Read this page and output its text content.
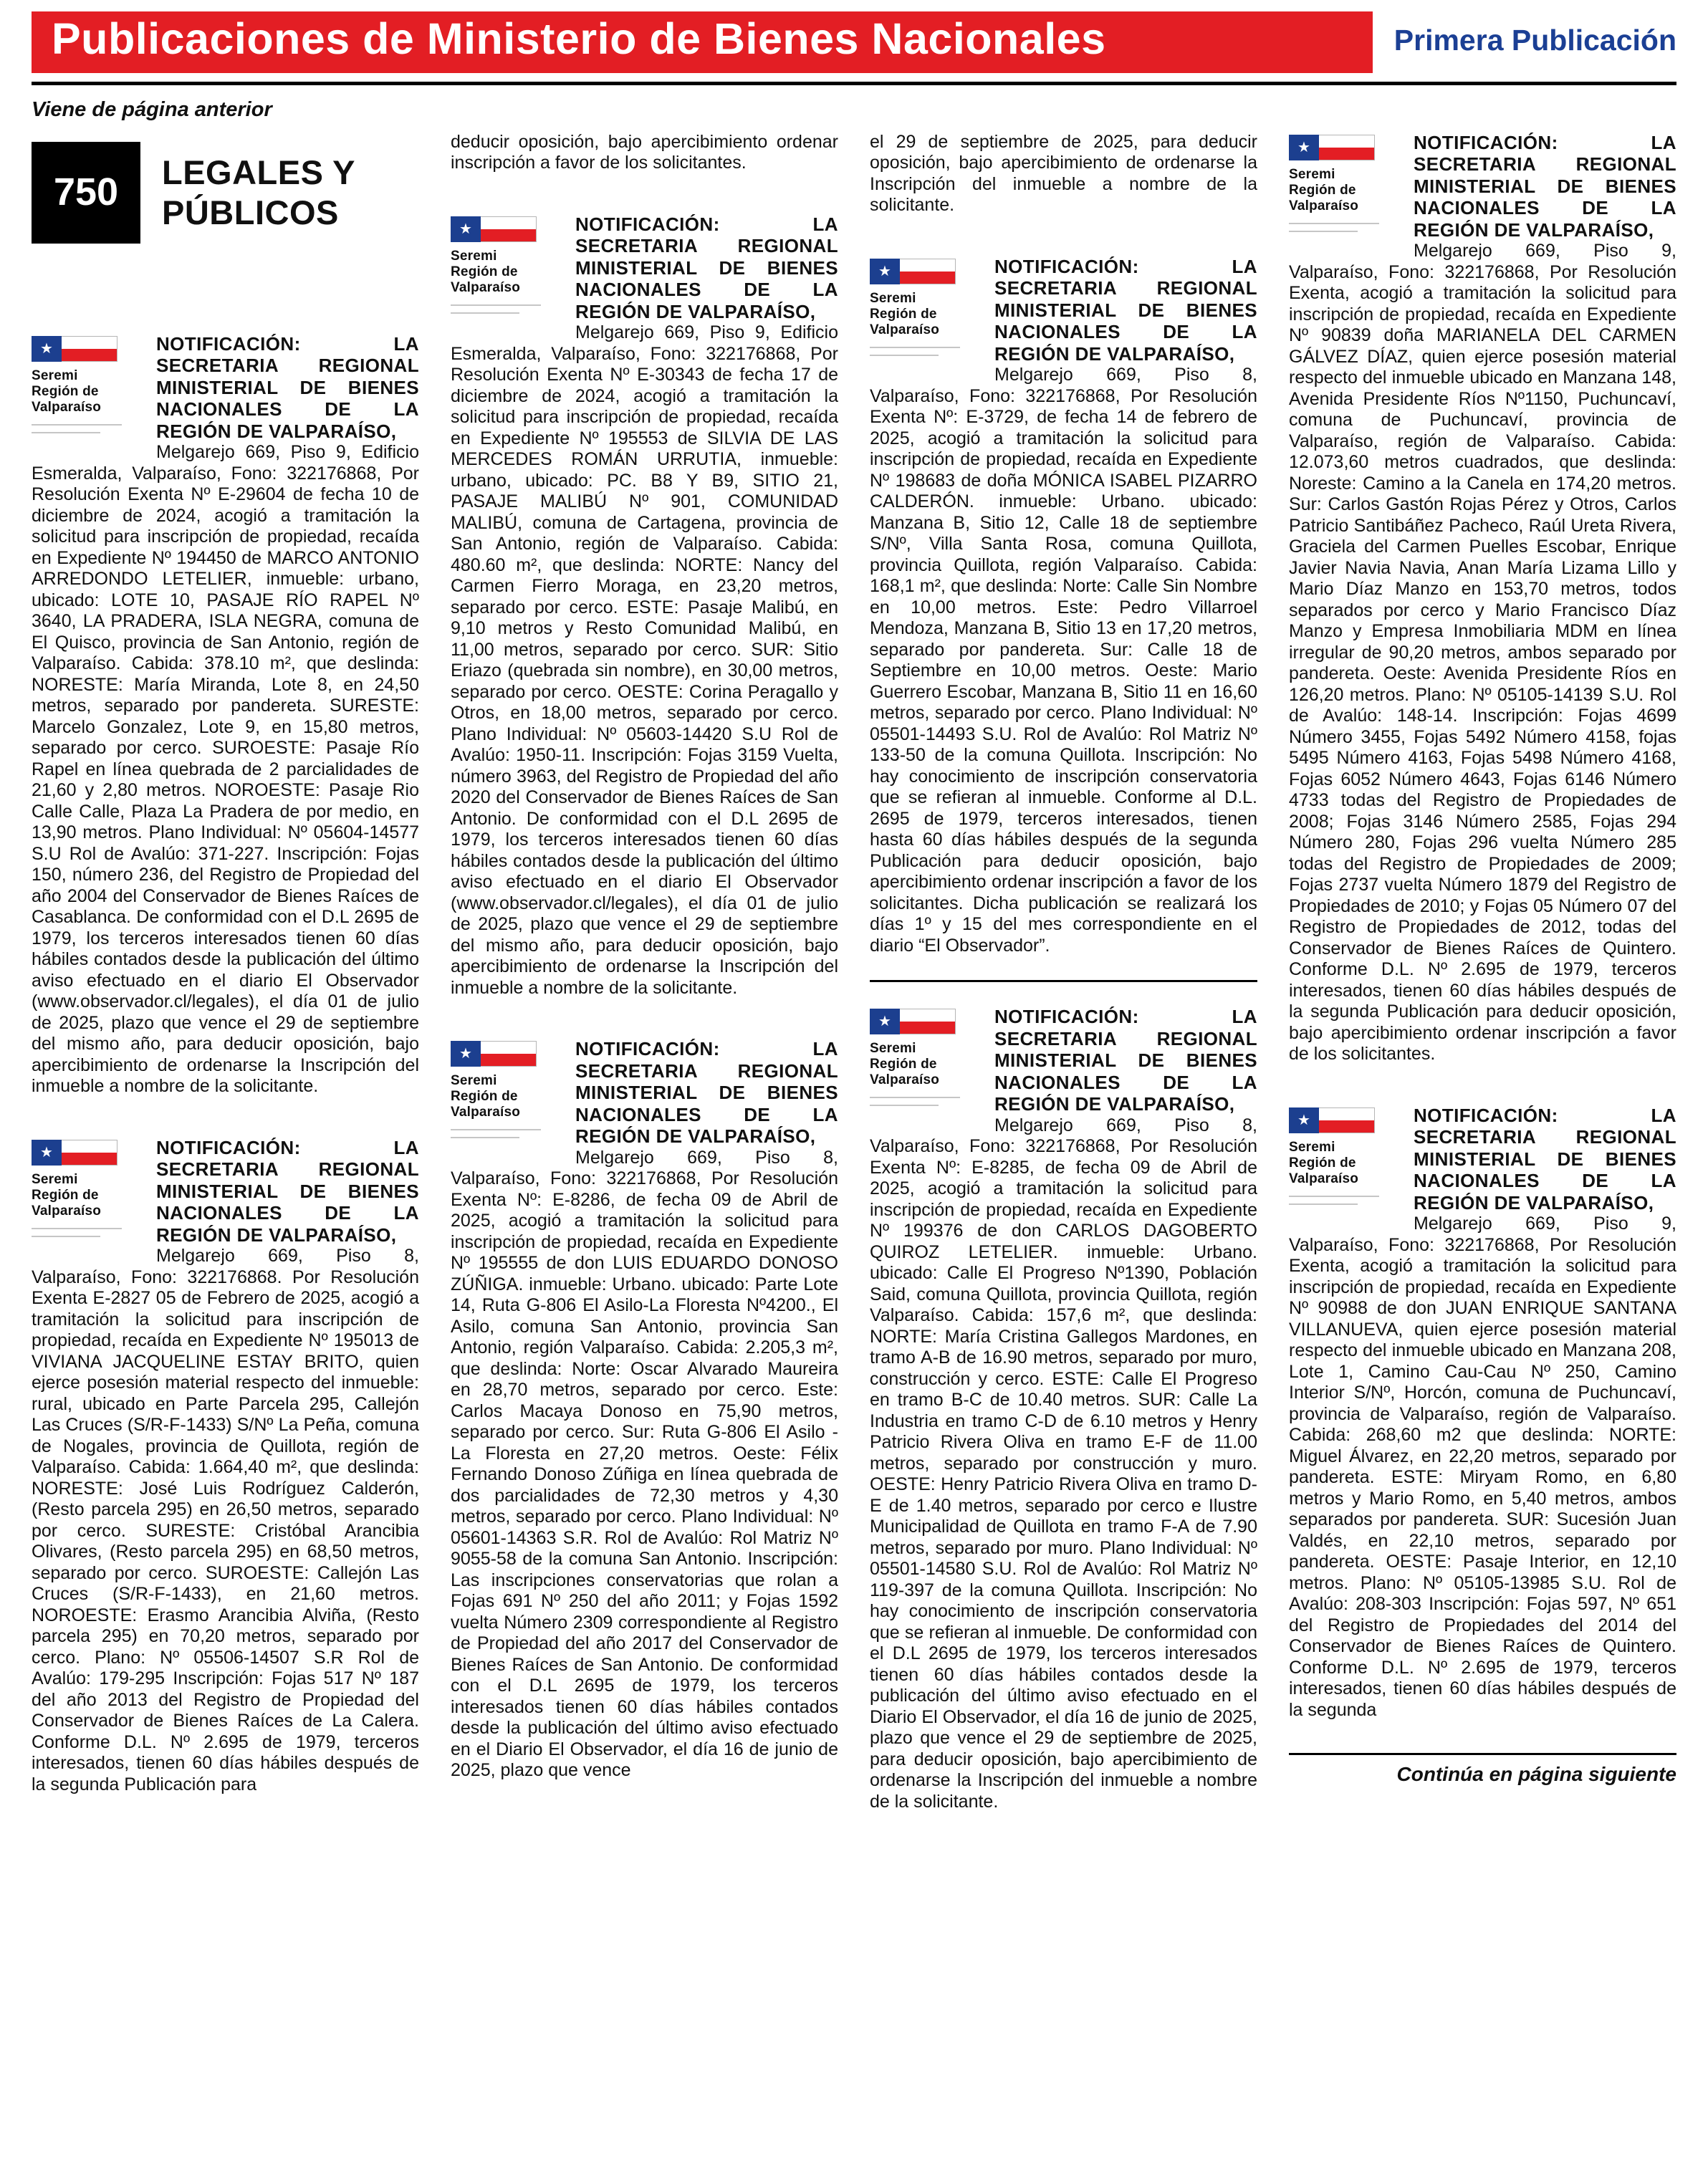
Publicaciones de Ministerio de Bienes Nacionales	Primera Publicación
Viene de página anterior
750 LEGALES Y
PÚBLICOS
★
Seremi
Región de
Valparaíso
NOTIFICACIÓN: LA SECRETARIA REGIONAL MINISTERIAL DE BIENES NACIONALES DE LA REGIÓN DE VALPARAÍSO,
Melgarejo 669, Piso 9, Edificio Esmeralda, Valparaíso, Fono: 322176868, Por Resolución Exenta Nº E-29604 de fecha 10 de diciembre de 2024, acogió a tramitación la solicitud para inscripción de propiedad, recaída en Expediente Nº 194450 de MARCO ANTONIO ARREDONDO LETELIER, inmueble: urbano, ubicado: LOTE 10, PASAJE RÍO RAPEL Nº 3640, LA PRADERA, ISLA NEGRA, comuna de El Quisco, provincia de San Antonio, región de Valparaíso. Cabida: 378.10 m², que deslinda: NORESTE: María Miranda, Lote 8, en 24,50 metros, separado por pandereta. SURESTE: Marcelo Gonzalez, Lote 9, en 15,80 metros, separado por cerco. SUROESTE: Pasaje Río Rapel en línea quebrada de 2 parcialidades de 21,60 y 2,80 metros. NOROESTE: Pasaje Rio Calle Calle, Plaza La Pradera de por medio, en 13,90 metros. Plano Individual: Nº 05604-14577 S.U Rol de Avalúo: 371-227. Inscripción: Fojas 150, número 236, del Registro de Propiedad del año 2004 del Conservador de Bienes Raíces de Casablanca. De conformidad con el D.L 2695 de 1979, los terceros interesados tienen 60 días hábiles contados desde la publicación del último aviso efectuado en el diario El Observador (www.observador.cl/legales), el día 01 de julio de 2025, plazo que vence el 29 de septiembre del mismo año, para deducir oposición, bajo apercibimiento de ordenarse la Inscripción del inmueble a nombre de la solicitante.
★
Seremi
Región de
Valparaíso
NOTIFICACIÓN: LA SECRETARIA REGIONAL MINISTERIAL DE BIENES NACIONALES DE LA REGIÓN DE VALPARAÍSO,
Melgarejo 669, Piso 8, Valparaíso, Fono: 322176868. Por Resolución Exenta E-2827 05 de Febrero de 2025, acogió a tramitación la solicitud para inscripción de propiedad, recaída en Expediente Nº 195013 de VIVIANA JACQUELINE ESTAY BRITO, quien ejerce posesión material respecto del inmueble: rural, ubicado en Parte Parcela 295, Callejón Las Cruces (S/R-F-1433) S/Nº La Peña, comuna de Nogales, provincia de Quillota, región de Valparaíso. Cabida: 1.664,40 m², que deslinda: NORESTE: José Luis Rodríguez Calderón, (Resto parcela 295) en 26,50 metros, separado por cerco. SURESTE: Cristóbal Arancibia Olivares, (Resto parcela 295) en 68,50 metros, separado por cerco. SUROESTE: Callejón Las Cruces (S/R-F-1433), en 21,60 metros. NOROESTE: Erasmo Arancibia Alviña, (Resto parcela 295) en 70,20 metros, separado por cerco. Plano: Nº 05506-14507 S.R Rol de Avalúo: 179-295 Inscripción: Fojas 517 Nº 187 del año 2013 del Registro de Propiedad del Conservador de Bienes Raíces de La Calera. Conforme D.L. Nº 2.695 de 1979, terceros interesados, tienen 60 días hábiles después de la segunda Publicación para
deducir oposición, bajo apercibimiento ordenar inscripción a favor de los solicitantes.
★
Seremi
Región de
Valparaíso
NOTIFICACIÓN: LA SECRETARIA REGIONAL MINISTERIAL DE BIENES NACIONALES DE LA REGIÓN DE VALPARAÍSO,
Melgarejo 669, Piso 9, Edificio Esmeralda, Valparaíso, Fono: 322176868, Por Resolución Exenta Nº E-30343 de fecha 17 de diciembre de 2024, acogió a tramitación la solicitud para inscripción de propiedad, recaída en Expediente Nº 195553 de SILVIA DE LAS MERCEDES ROMÁN URRUTIA, inmueble: urbano, ubicado: PC. B8 Y B9, SITIO 21, PASAJE MALIBÚ Nº 901, COMUNIDAD MALIBÚ, comuna de Cartagena, provincia de San Antonio, región de Valparaíso. Cabida: 480.60 m², que deslinda: NORTE: Nancy del Carmen Fierro Moraga, en 23,20 metros, separado por cerco. ESTE: Pasaje Malibú, en 9,10 metros y Resto Comunidad Malibú, en 11,00 metros, separado por cerco. SUR: Sitio Eriazo (quebrada sin nombre), en 30,00 metros, separado por cerco. OESTE: Corina Peragallo y Otros, en 18,00 metros, separado por cerco. Plano Individual: Nº 05603-14420 S.U Rol de Avalúo: 1950-11. Inscripción: Fojas 3159 Vuelta, número 3963, del Registro de Propiedad del año 2020 del Conservador de Bienes Raíces de San Antonio. De conformidad con el D.L 2695 de 1979, los terceros interesados tienen 60 días hábiles contados desde la publicación del último aviso efectuado en el diario El Observador (www.observador.cl/legales), el día 01 de julio de 2025, plazo que vence el 29 de septiembre del mismo año, para deducir oposición, bajo apercibimiento de ordenarse la Inscripción del inmueble a nombre de la solicitante.
★
Seremi
Región de
Valparaíso
NOTIFICACIÓN: LA SECRETARIA REGIONAL MINISTERIAL DE BIENES NACIONALES DE LA REGIÓN DE VALPARAÍSO,
Melgarejo 669, Piso 8, Valparaíso, Fono: 322176868, Por Resolución Exenta Nº: E-8286, de fecha 09 de Abril de 2025, acogió a tramitación la solicitud para inscripción de propiedad, recaída en Expediente Nº 195555 de don LUIS EDUARDO DONOSO ZÚÑIGA. inmueble: Urbano. ubicado: Parte Lote 14, Ruta G-806 El Asilo-La Floresta Nº4200., El Asilo, comuna San Antonio, provincia San Antonio, región Valparaíso. Cabida: 2.205,3 m², que deslinda: Norte: Oscar Alvarado Maureira en 28,70 metros, separado por cerco. Este: Carlos Macaya Donoso en 75,90 metros, separado por cerco. Sur: Ruta G-806 El Asilo - La Floresta en 27,20 metros. Oeste: Félix Fernando Donoso Zúñiga en línea quebrada de dos parcialidades de 72,30 metros y 4,30 metros, separado por cerco. Plano Individual: Nº 05601-14363 S.R. Rol de Avalúo: Rol Matriz Nº 9055-58 de la comuna San Antonio. Inscripción: Las inscripciones conservatorias que rolan a Fojas 691 Nº 250 del año 2011; y Fojas 1592 vuelta Número 2309 correspondiente al Registro de Propiedad del año 2017 del Conservador de Bienes Raíces de San Antonio. De conformidad con el D.L 2695 de 1979, los terceros interesados tienen 60 días hábiles contados desde la publicación del último aviso efectuado en el Diario El Observador, el día 16 de junio de 2025, plazo que vence
el 29 de septiembre de 2025, para deducir oposición, bajo apercibimiento de ordenarse la Inscripción del inmueble a nombre de la solicitante.
★
Seremi
Región de
Valparaíso
NOTIFICACIÓN: LA SECRETARIA REGIONAL MINISTERIAL DE BIENES NACIONALES DE LA REGIÓN DE VALPARAÍSO,
Melgarejo 669, Piso 8, Valparaíso, Fono: 322176868, Por Resolución Exenta Nº: E-3729, de fecha 14 de febrero de 2025, acogió a tramitación la solicitud para inscripción de propiedad, recaída en Expediente Nº 198683 de doña MÓNICA ISABEL PIZARRO CALDERÓN. inmueble: Urbano. ubicado: Manzana B, Sitio 12, Calle 18 de septiembre S/Nº, Villa Santa Rosa, comuna Quillota, provincia Quillota, región Valparaíso. Cabida: 168,1 m², que deslinda: Norte: Calle Sin Nombre en 10,00 metros. Este: Pedro Villarroel Mendoza, Manzana B, Sitio 13 en 17,20 metros, separado por pandereta. Sur: Calle 18 de Septiembre en 10,00 metros. Oeste: Mario Guerrero Escobar, Manzana B, Sitio 11 en 16,60 metros, separado por cerco. Plano Individual: Nº 05501-14493 S.U. Rol de Avalúo: Rol Matriz Nº 133-50 de la comuna Quillota. Inscripción: No hay conocimiento de inscripción conservatoria que se refieran al inmueble. Conforme al D.L. 2695 de 1979, terceros interesados, tienen hasta 60 días hábiles después de la segunda Publicación para deducir oposición, bajo apercibimiento ordenar inscripción a favor de los solicitantes. Dicha publicación se realizará los días 1º y 15 del mes correspondiente en el diario “El Observador”.
★
Seremi
Región de
Valparaíso
NOTIFICACIÓN: LA SECRETARIA REGIONAL MINISTERIAL DE BIENES NACIONALES DE LA REGIÓN DE VALPARAÍSO,
Melgarejo 669, Piso 8, Valparaíso, Fono: 322176868, Por Resolución Exenta Nº: E-8285, de fecha 09 de Abril de 2025, acogió a tramitación la solicitud para inscripción de propiedad, recaída en Expediente Nº 199376 de don CARLOS DAGOBERTO QUIROZ LETELIER. inmueble: Urbano. ubicado: Calle El Progreso Nº1390, Población Said, comuna Quillota, provincia Quillota, región Valparaíso. Cabida: 157,6 m², que deslinda: NORTE: María Cristina Gallegos Mardones, en tramo A-B de 16.90 metros, separado por muro, construcción y cerco. ESTE: Calle El Progreso en tramo B-C de 10.40 metros. SUR: Calle La Industria en tramo C-D de 6.10 metros y Henry Patricio Rivera Oliva en tramo E-F de 11.00 metros, separado por construcción y muro. OESTE: Henry Patricio Rivera Oliva en tramo D-E de 1.40 metros, separado por cerco e Ilustre Municipalidad de Quillota en tramo F-A de 7.90 metros, separado por muro. Plano Individual: Nº 05501-14580 S.U. Rol de Avalúo: Rol Matriz Nº 119-397 de la comuna Quillota. Inscripción: No hay conocimiento de inscripción conservatoria que se refieran al inmueble. De conformidad con el D.L 2695 de 1979, los terceros interesados tienen 60 días hábiles contados desde la publicación del último aviso efectuado en el Diario El Observador, el día 16 de junio de 2025, plazo que vence el 29 de septiembre de 2025, para deducir oposición, bajo apercibimiento de ordenarse la Inscripción del inmueble a nombre de la solicitante.
★
Seremi
Región de
Valparaíso
NOTIFICACIÓN: LA SECRETARIA REGIONAL MINISTERIAL DE BIENES NACIONALES DE LA REGIÓN DE VALPARAÍSO,
Melgarejo 669, Piso 9, Valparaíso, Fono: 322176868, Por Resolución Exenta, acogió a tramitación la solicitud para inscripción de propiedad, recaída en Expediente Nº 90839 doña MARIANELA DEL CARMEN GÁLVEZ DÍAZ, quien ejerce posesión material respecto del inmueble ubicado en Manzana 148, Avenida Presidente Ríos Nº1150, Puchuncaví, comuna de Puchuncaví, provincia de Valparaíso, región de Valparaíso. Cabida: 12.073,60 metros cuadrados, que deslinda: Noreste: Camino a la Canela en 174,20 metros. Sur: Carlos Gastón Rojas Pérez y Otros, Carlos Patricio Santibáñez Pacheco, Raúl Ureta Rivera, Graciela del Carmen Puelles Escobar, Enrique Javier Navia Navia, Anan María Lizama Lillo y Mario Díaz Manzo en 153,70 metros, todos separados por cerco y Mario Francisco Díaz Manzo y Empresa Inmobiliaria MDM en línea irregular de 90,20 metros, ambos separado por pandereta. Oeste: Avenida Presidente Ríos en 126,20 metros. Plano: Nº 05105-14139 S.U. Rol de Avalúo: 148-14. Inscripción: Fojas 4699 Número 3455, Fojas 5492 Número 4158, fojas 5495 Número 4163, Fojas 5498 Número 4168, Fojas 6052 Número 4643, Fojas 6146 Número 4733 todas del Registro de Propiedades de 2008; Fojas 3146 Número 2585, Fojas 294 Número 280, Fojas 296 vuelta Número 285 todas del Registro de Propiedades de 2009; Fojas 2737 vuelta Número 1879 del Registro de Propiedades de 2010; y Fojas 05 Número 07 del Registro de Propiedades de 2012, todas del Conservador de Bienes Raíces de Quintero. Conforme D.L. Nº 2.695 de 1979, terceros interesados, tienen 60 días hábiles después de la segunda Publicación para deducir oposición, bajo apercibimiento ordenar inscripción a favor de los solicitantes.
★
Seremi
Región de
Valparaíso
NOTIFICACIÓN: LA SECRETARIA REGIONAL MINISTERIAL DE BIENES NACIONALES DE LA REGIÓN DE VALPARAÍSO,
Melgarejo 669, Piso 9, Valparaíso, Fono: 322176868, Por Resolución Exenta, acogió a tramitación la solicitud para inscripción de propiedad, recaída en Expediente Nº 90988 de don JUAN ENRIQUE SANTANA VILLANUEVA, quien ejerce posesión material respecto del inmueble ubicado en Manzana 208, Lote 1, Camino Cau-Cau Nº 250, Camino Interior S/Nº, Horcón, comuna de Puchuncaví, provincia de Valparaíso, región de Valparaíso. Cabida: 268,60 m2 que deslinda: NORTE: Miguel Álvarez, en 22,20 metros, separado por pandereta. ESTE: Miryam Romo, en 6,80 metros y Mario Romo, en 5,40 metros, ambos separados por pandereta. SUR: Sucesión Juan Valdés, en 22,10 metros, separado por pandereta. OESTE: Pasaje Interior, en 12,10 metros. Plano: Nº 05105-13985 S.U. Rol de Avalúo: 208-303 Inscripción: Fojas 597, Nº 651 del Registro de Propiedades del 2014 del Conservador de Bienes Raíces de Quintero. Conforme D.L. Nº 2.695 de 1979, terceros interesados, tienen 60 días hábiles después de la segunda
Continúa en página siguiente
